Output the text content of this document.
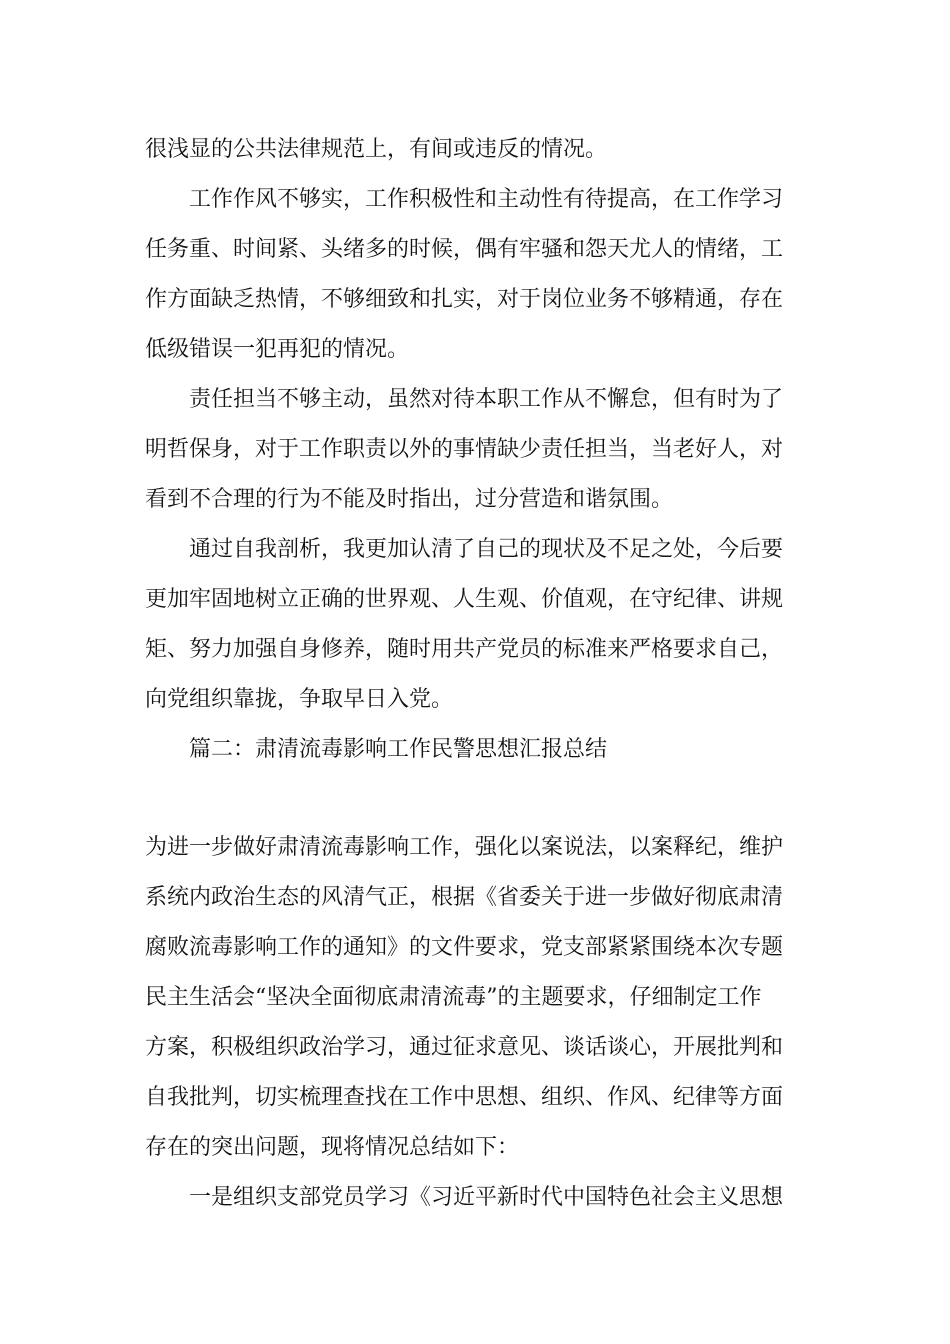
很浅显的公共法律规范上，有间或违反的情况。
工作作风不够实，工作积极性和主动性有待提高，在工作学习
任务重、时间紧、头绪多的时候，偶有牢骚和怨天尤人的情绪，工
作方面缺乏热情，不够细致和扎实，对于岗位业务不够精通，存在
低级错误一犯再犯的情况。
责任担当不够主动，虽然对待本职工作从不懈怠，但有时为了
明哲保身，对于工作职责以外的事情缺少责任担当，当老好人，对
看到不合理的行为不能及时指出，过分营造和谐氛围。
通过自我剖析，我更加认清了自己的现状及不足之处，今后要
更加牢固地树立正确的世界观、人生观、价值观，在守纪律、讲规
矩、努力加强自身修养，随时用共产党员的标准来严格要求自己，
向党组织靠拢，争取早日入党。
篇二：肃清流毒影响工作民警思想汇报总结
为进一步做好肃清流毒影响工作，强化以案说法，以案释纪，维护
系统内政治生态的风清气正，根据《省委关于进一步做好彻底肃清
腐败流毒影响工作的通知》的文件要求，党支部紧紧围绕本次专题
民主生活会“坚决全面彻底肃清流毒”的主题要求，仔细制定工作
方案，积极组织政治学习，通过征求意见、谈话谈心，开展批判和
自我批判，切实梳理查找在工作中思想、组织、作风、纪律等方面
存在的突出问题，现将情况总结如下：
一是组织支部党员学习《习近平新时代中国特色社会主义思想
